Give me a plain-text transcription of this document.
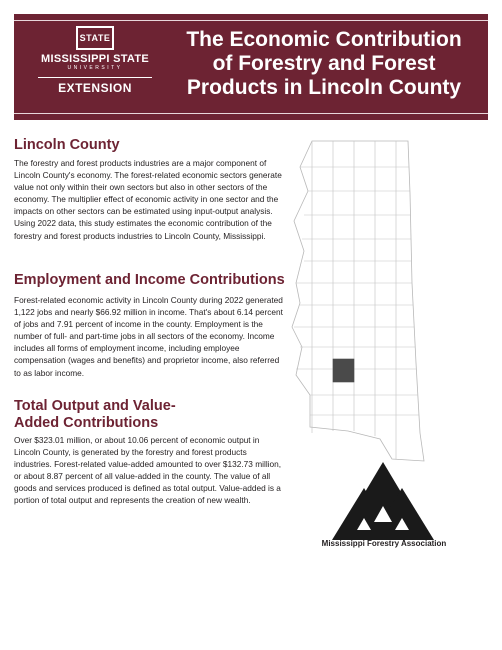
STATE
MISSISSIPPI STATE
UNIVERSITY
EXTENSION
The Economic Contribution
of Forestry and Forest
Products in Lincoln County
Lincoln County

The forestry and forest products industries are a major component of Lincoln County's economy. The forest-related economic sectors generate value not only within their own sectors but also in other sectors of the economy. The multiplier effect of economic activity in one sector and the impacts on other sectors can be estimated using input-output analysis. Using 2022 data, this study estimates the economic contribution of the forestry and forest products industries to Lincoln County, Mississippi.

Employment and Income Contributions

Forest-related economic activity in Lincoln County during 2022 generated 1,122 jobs and nearly $66.92 million in income. That's about 6.14 percent of jobs and 7.91 percent of income in the county. Employment is the number of full- and part-time jobs in all sectors of the economy. Income includes all forms of employment income, including employee compensation (wages and benefits) and proprietor income, also referred to as labor income.

Total Output and Value-
Added Contributions

Over $323.01 million, or about 10.06 percent of economic output in Lincoln County, is generated by the forestry and forest products industries. Forest-related value-added amounted to over $132.73 million, or about 8.87 percent of all value-added in the county. The value of all goods and services produced is defined as total output. Value-added is a portion of total output and represents the creation of new wealth.

Mississippi Forestry Association
